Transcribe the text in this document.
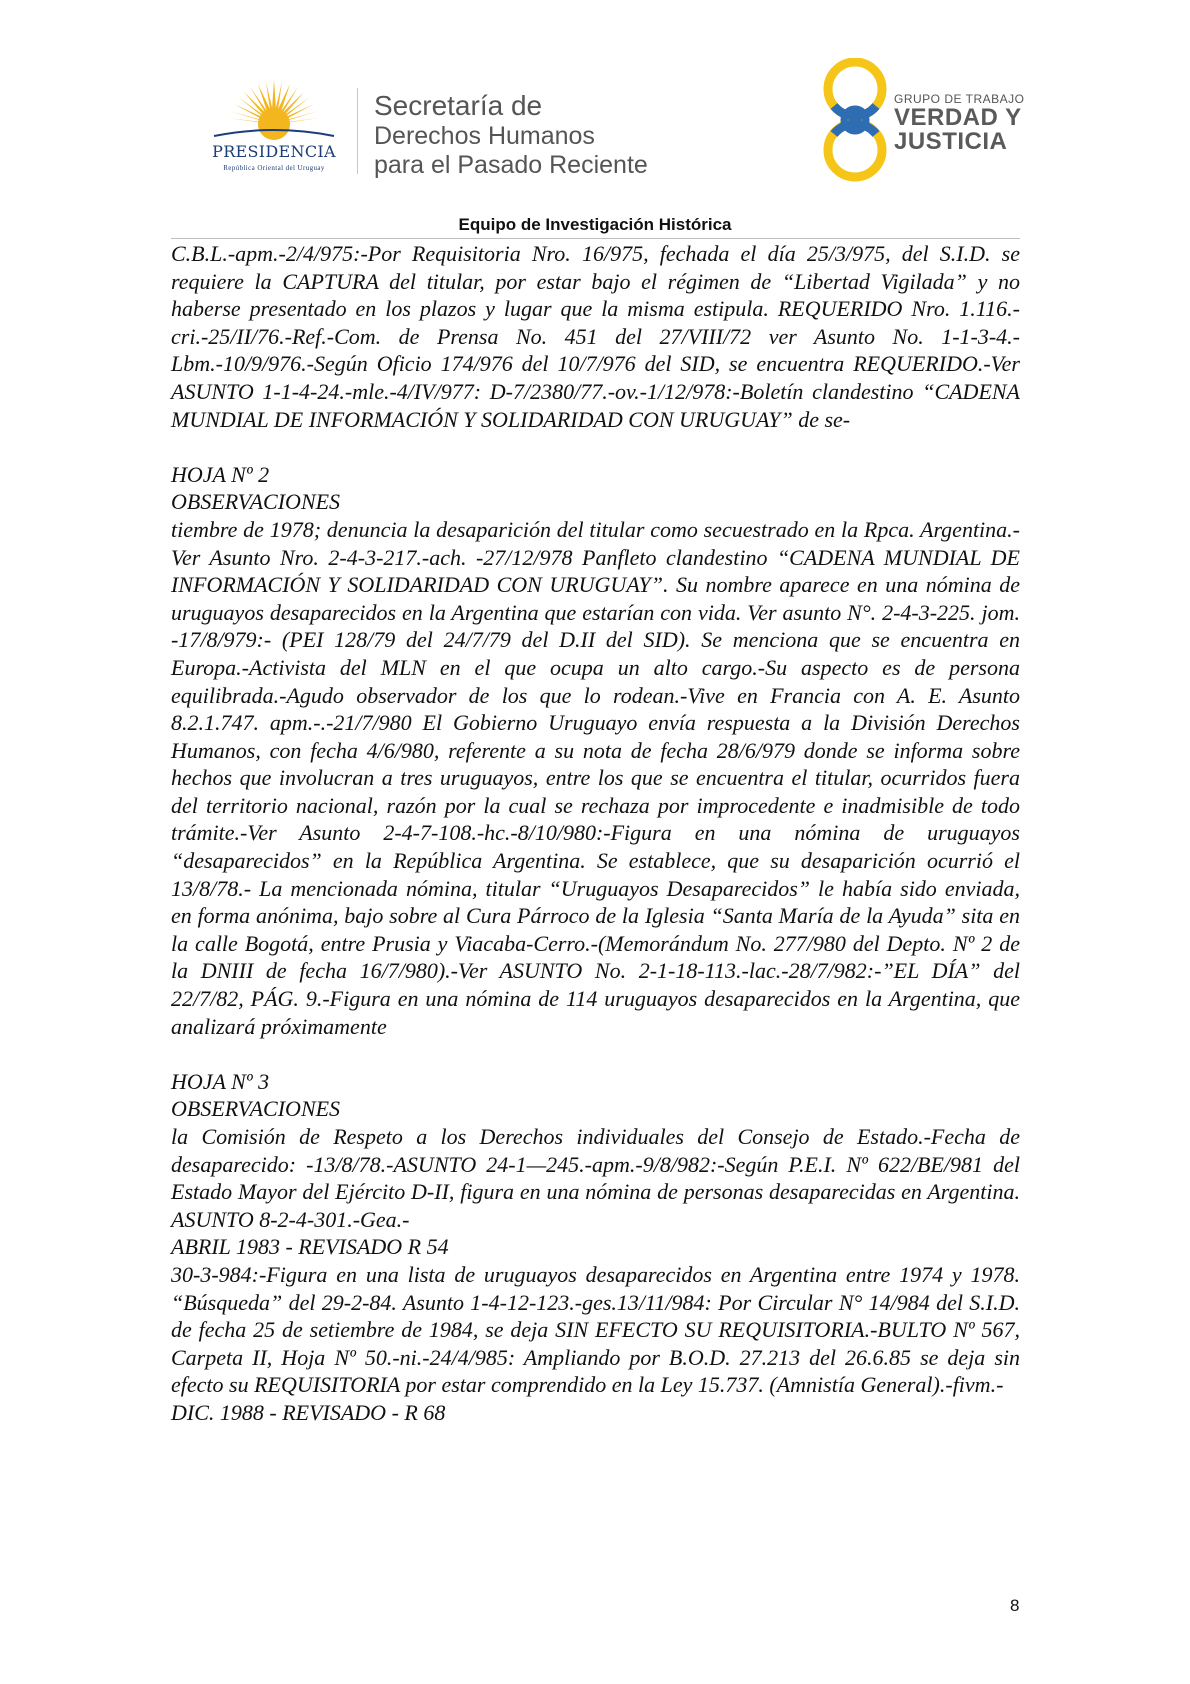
PRESIDENCIA
República Oriental del Uruguay
Secretaría de
Derechos Humanos
para el Pasado Reciente
GRUPO DE TRABAJO
VERDAD Y
JUSTICIA
Equipo de Investigación Histórica

C.B.L.-apm.-2/4/975:-Por Requisitoria Nro. 16/975, fechada el día 25/3/975, del S.I.D. se requiere la CAPTURA del titular, por estar bajo el régimen de “Libertad Vigilada” y no haberse presentado en los plazos y lugar que la misma estipula. REQUERIDO Nro. 1.116.-cri.-25/II/76.-Ref.-Com. de Prensa No. 451 del 27/VIII/72 ver Asunto No. 1-1-3-4.-Lbm.-10/9/976.-Según Oficio 174/976 del 10/7/976 del SID, se encuentra REQUERIDO.-Ver ASUNTO 1-1-4-24.-mle.-4/IV/977: D-7/2380/77.-ov.-1/12/978:-Boletín clandestino “CADENA MUNDIAL DE INFORMACIÓN Y SOLIDARIDAD CON URUGUAY” de se-

HOJA Nº 2

OBSERVACIONES

tiembre de 1978; denuncia la desaparición del titular como secuestrado en la Rpca. Argentina.- Ver Asunto Nro. 2-4-3-217.-ach. -27/12/978 Panfleto clandestino “CADENA MUNDIAL DE INFORMACIÓN Y SOLIDARIDAD CON URUGUAY”. Su nombre aparece en una nómina de uruguayos desaparecidos en la Argentina que estarían con vida. Ver asunto N°. 2-4-3-225. jom. -17/8/979:- (PEI 128/79 del 24/7/79 del D.II del SID). Se menciona que se encuentra en Europa.-Activista del MLN en el que ocupa un alto cargo.-Su aspecto es de persona equilibrada.-Agudo observador de los que lo rodean.-Vive en Francia con A. E. Asunto 8.2.1.747. apm.-.-21/7/980 El Gobierno Uruguayo envía respuesta a la División Derechos Humanos, con fecha 4/6/980, referente a su nota de fecha 28/6/979 donde se informa sobre hechos que involucran a tres uruguayos, entre los que se encuentra el titular, ocurridos fuera del territorio nacional, razón por la cual se rechaza por improcedente e inadmisible de todo trámite.-Ver Asunto 2-4-7-108.-hc.-8/10/980:-Figura en una nómina de uruguayos “desaparecidos” en la República Argentina. Se establece, que su desaparición ocurrió el 13/8/78.- La mencionada nómina, titular “Uruguayos Desaparecidos” le había sido enviada, en forma anónima, bajo sobre al Cura Párroco de la Iglesia “Santa María de la Ayuda” sita en la calle Bogotá, entre Prusia y Viacaba-Cerro.-(Memorándum No. 277/980 del Depto. Nº 2 de la DNIII de fecha 16/7/980).-Ver ASUNTO No. 2-1-18-113.-lac.-28/7/982:-”EL DÍA” del 22/7/82, PÁG. 9.-Figura en una nómina de 114 uruguayos desaparecidos en la Argentina, que analizará próximamente

HOJA Nº 3

OBSERVACIONES

la Comisión de Respeto a los Derechos individuales del Consejo de Estado.-Fecha de desaparecido: -13/8/78.-ASUNTO 24-1—245.-apm.-9/8/982:-Según P.E.I. Nº 622/BE/981 del Estado Mayor del Ejército D-II, figura en una nómina de personas desaparecidas en Argentina. ASUNTO 8-2-4-301.-Gea.-

ABRIL 1983 - REVISADO R 54

30-3-984:-Figura en una lista de uruguayos desaparecidos en Argentina entre 1974 y 1978. “Búsqueda” del 29-2-84. Asunto 1-4-12-123.-ges.13/11/984: Por Circular N° 14/984 del S.I.D. de fecha 25 de setiembre de 1984, se deja SIN EFECTO SU REQUISITORIA.-BULTO Nº 567, Carpeta II, Hoja Nº 50.-ni.-24/4/985: Ampliando por B.O.D. 27.213 del 26.6.85 se deja sin efecto su REQUISITORIA por estar comprendido en la Ley 15.737. (Amnistía General).-fivm.-

DIC. 1988 - REVISADO - R 68

8
